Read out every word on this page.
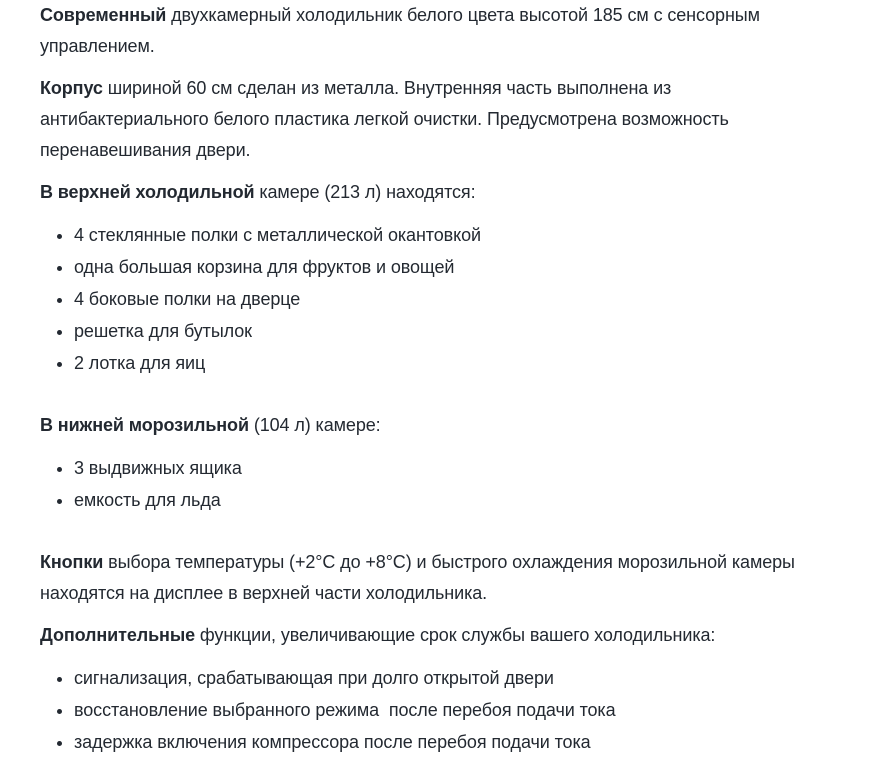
Современный двухкамерный холодильник белого цвета высотой 185 см с сенсорным управлением.

Корпус шириной 60 см сделан из металла. Внутренняя часть выполнена из антибактериального белого пластика легкой очистки. Предусмотрена возможность перенавешивания двери.

В верхней холодильной камере (213 л) находятся:

• 4 стеклянные полки с металлической окантовкой
• одна большая корзина для фруктов и овощей
• 4 боковые полки на дверце
• решетка для бутылок
• 2 лотка для яиц

В нижней морозильной (104 л) камере:

• 3 выдвижных ящика
• емкость для льда

Кнопки выбора температуры (+2°C до +8°C) и быстрого охлаждения морозильной камеры находятся на дисплее в верхней части холодильника.

Дополнительные функции, увеличивающие срок службы вашего холодильника:

• сигнализация, срабатывающая при долго открытой двери
• восстановление выбранного режима  после перебоя подачи тока
• задержка включения компрессора после перебоя подачи тока
